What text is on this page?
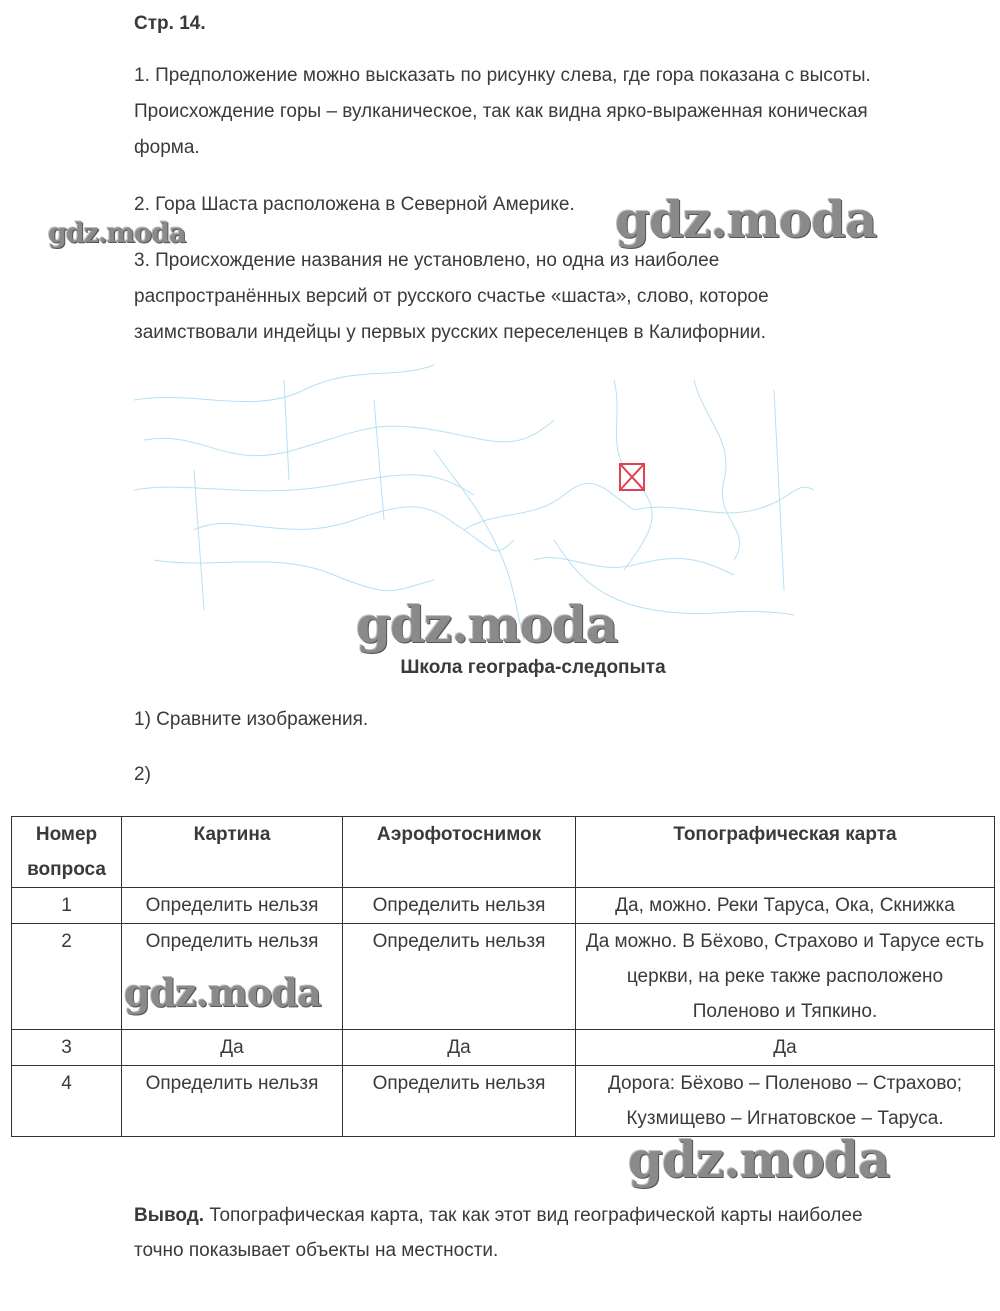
Стр. 14.
1. Предположение можно высказать по рисунку слева, где гора показана с высоты.
Происхождение горы – вулканическое, так как видна ярко-выраженная коническая
форма.
2. Гора Шаста расположена в Северной Америке.
3. Происхождение названия не установлено, но одна из наиболее
распространённых версий от русского счастье «шаста», слово, которое
заимствовали индейцы у первых русских переселенцев в Калифорнии.
Школа географа-следопыта
1) Сравните изображения.
2)
Номер вопроса	Картина	Аэрофотоснимок	Топографическая карта
1	Определить нельзя	Определить нельзя	Да, можно. Реки Таруса, Ока, Скнижка
2	Определить нельзя	Определить нельзя	Да можно. В Бёхово, Страхово и Тарусе есть церкви, на реке также расположено Поленово и Тяпкино.
3	Да	Да	Да
4	Определить нельзя	Определить нельзя	Дорога: Бёхово – Поленово – Страхово; Кузмищево – Игнатовское – Таруса.
Вывод. Топографическая карта, так как этот вид географической карты наиболее
точно показывает объекты на местности.
gdz.moda	gdz.moda
gdz.moda
gdz.moda
gdz.moda
